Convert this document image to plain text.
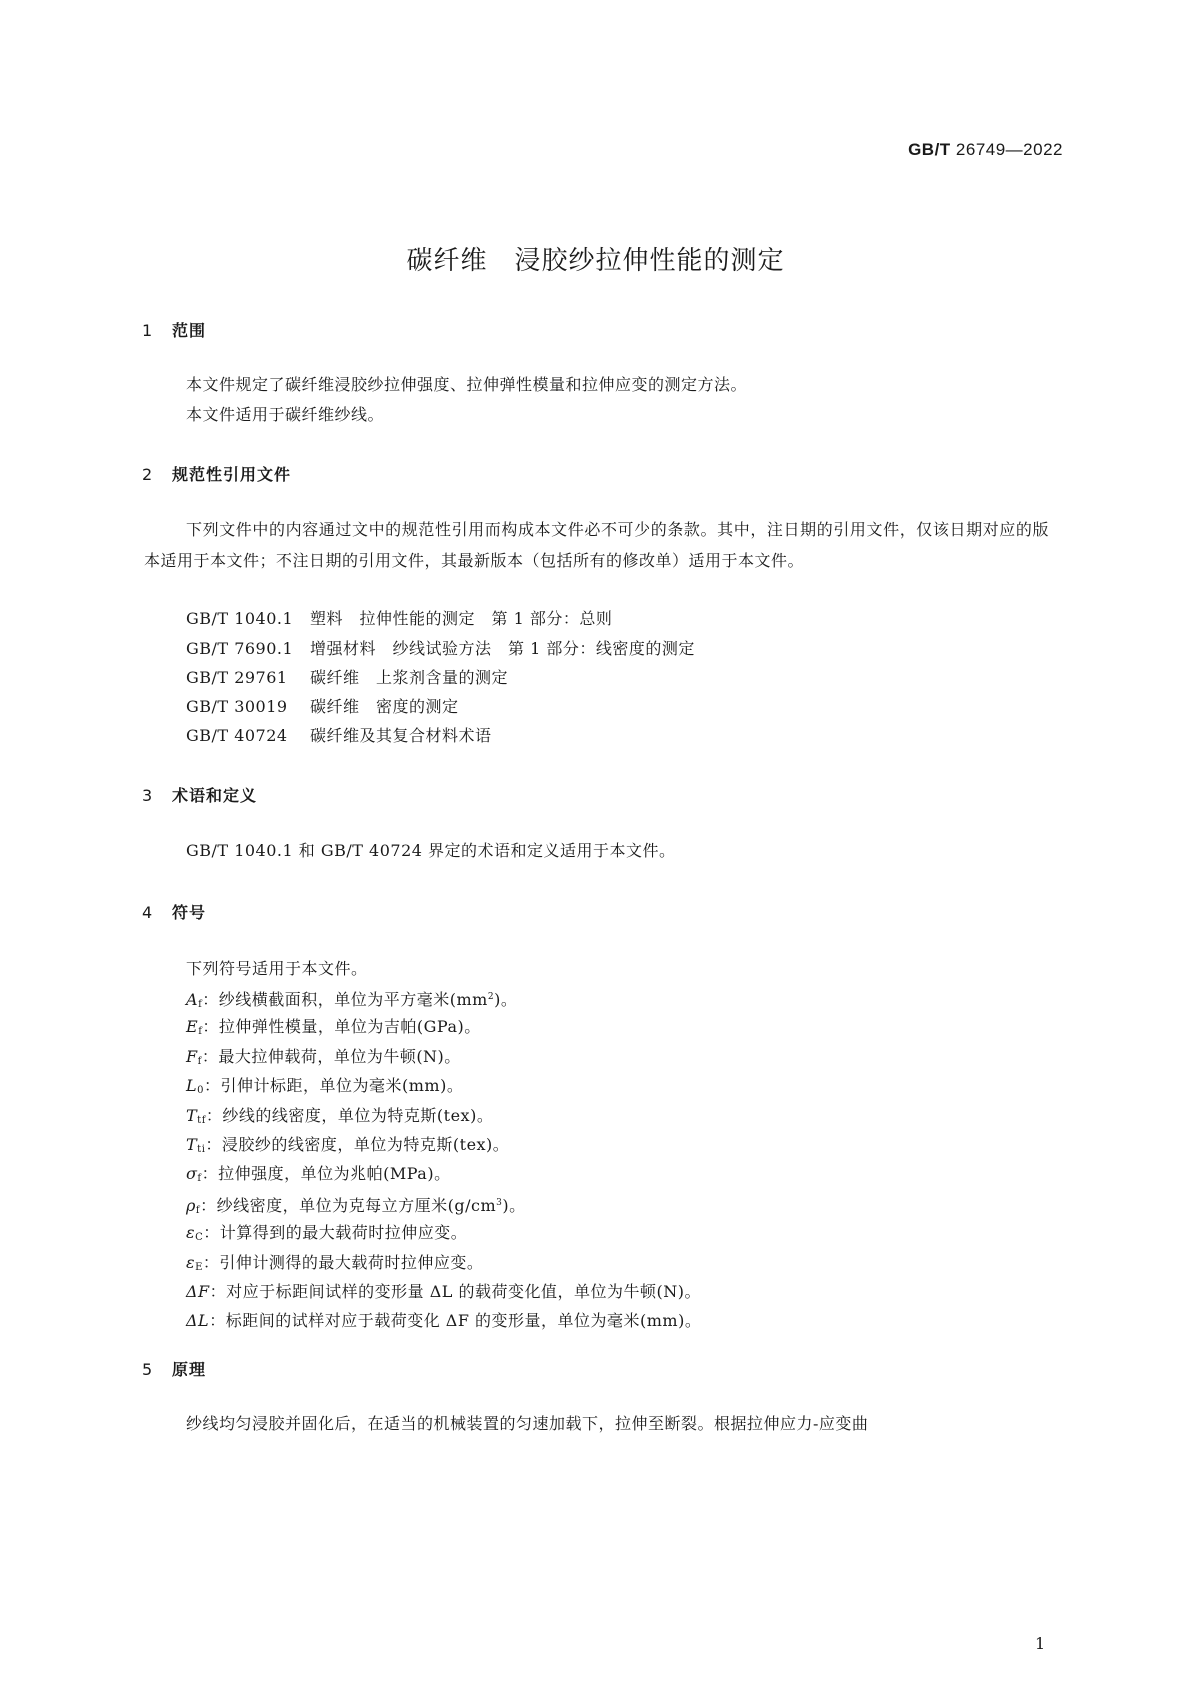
GB/T 26749—2022
碳纤维　浸胶纱拉伸性能的测定
1 范围
本文件规定了碳纤维浸胶纱拉伸强度、拉伸弹性模量和拉伸应变的测定方法。
本文件适用于碳纤维纱线。
2 规范性引用文件
下列文件中的内容通过文中的规范性引用而构成本文件必不可少的条款。其中，注日期的引用文件，仅该日期对应的版本适用于本文件；不注日期的引用文件，其最新版本（包括所有的修改单）适用于本文件。
GB/T 1040.1 塑料　拉伸性能的测定　第 1 部分：总则
GB/T 7690.1 增强材料　纱线试验方法　第 1 部分：线密度的测定
GB/T 29761 碳纤维　上浆剂含量的测定
GB/T 30019 碳纤维　密度的测定
GB/T 40724 碳纤维及其复合材料术语
3 术语和定义
GB/T 1040.1 和 GB/T 40724 界定的术语和定义适用于本文件。
4 符号
下列符号适用于本文件。
$A_f$：纱线横截面积，单位为平方毫米$(mm^2)$。
$E_f$：拉伸弹性模量，单位为吉帕(GPa)。
$F_f$：最大拉伸载荷，单位为牛顿(N)。
$L_0$：引伸计标距，单位为毫米(mm)。
$T_{tf}$：纱线的线密度，单位为特克斯(tex)。
$T_{ti}$：浸胶纱的线密度，单位为特克斯(tex)。
$\sigma_f$：拉伸强度，单位为兆帕(MPa)。
$\rho_f$：纱线密度，单位为克每立方厘米$(g/cm^3)$。
$\varepsilon_C$：计算得到的最大载荷时拉伸应变。
$\varepsilon_E$：引伸计测得的最大载荷时拉伸应变。
ΔF：对应于标距间试样的变形量 ΔL 的载荷变化值，单位为牛顿(N)。
ΔL：标距间的试样对应于载荷变化 ΔF 的变形量，单位为毫米(mm)。
5 原理
纱线均匀浸胶并固化后，在适当的机械装置的匀速加载下，拉伸至断裂。根据拉伸应力-应变曲
1
